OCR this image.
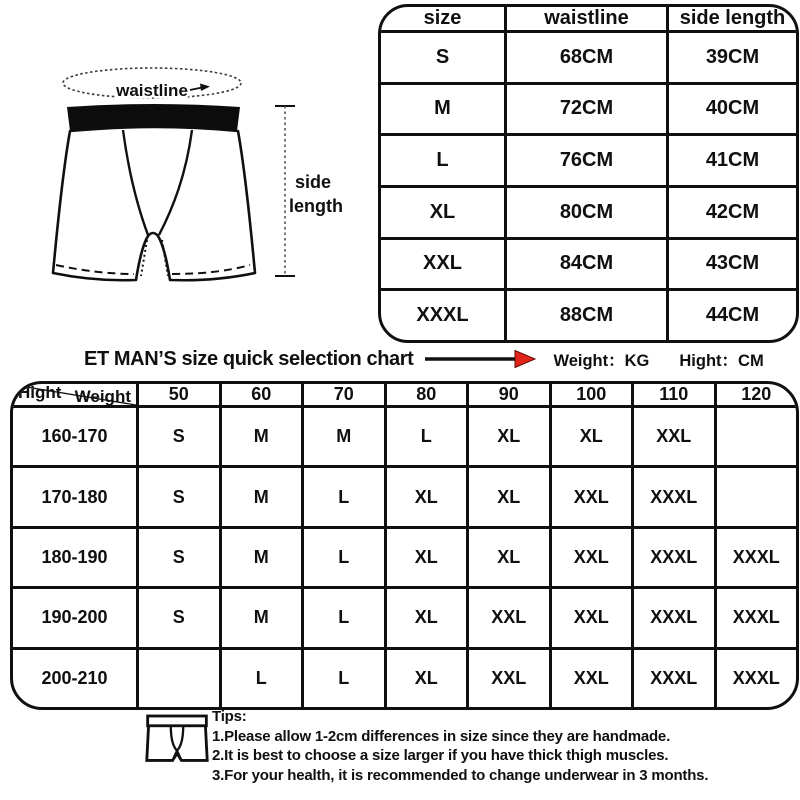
waistline
side
length
size	waistline	side length
S	68CM	39CM
M	72CM	40CM
L	76CM	41CM
XL	80CM	42CM
XXL	84CM	43CM
XXXL	88CM	44CM
ET MAN’S size quick selection chart	Weight：KG Hight：CM
Weight
Hight	50	60	70	80	90	100	110	120
160-170	S	M	M	L	XL	XL	XXL	
170-180	S	M	L	XL	XL	XXL	XXXL	
180-190	S	M	L	XL	XL	XXL	XXXL	XXXL
190-200	S	M	L	XL	XXL	XXL	XXXL	XXXL
200-210		L	L	XL	XXL	XXL	XXXL	XXXL
Tips:
1.Please allow 1-2cm differences in size since they are handmade.
2.It is best to choose a size larger if you have thick thigh muscles.
3.For your health, it is recommended to change underwear in 3 months.
